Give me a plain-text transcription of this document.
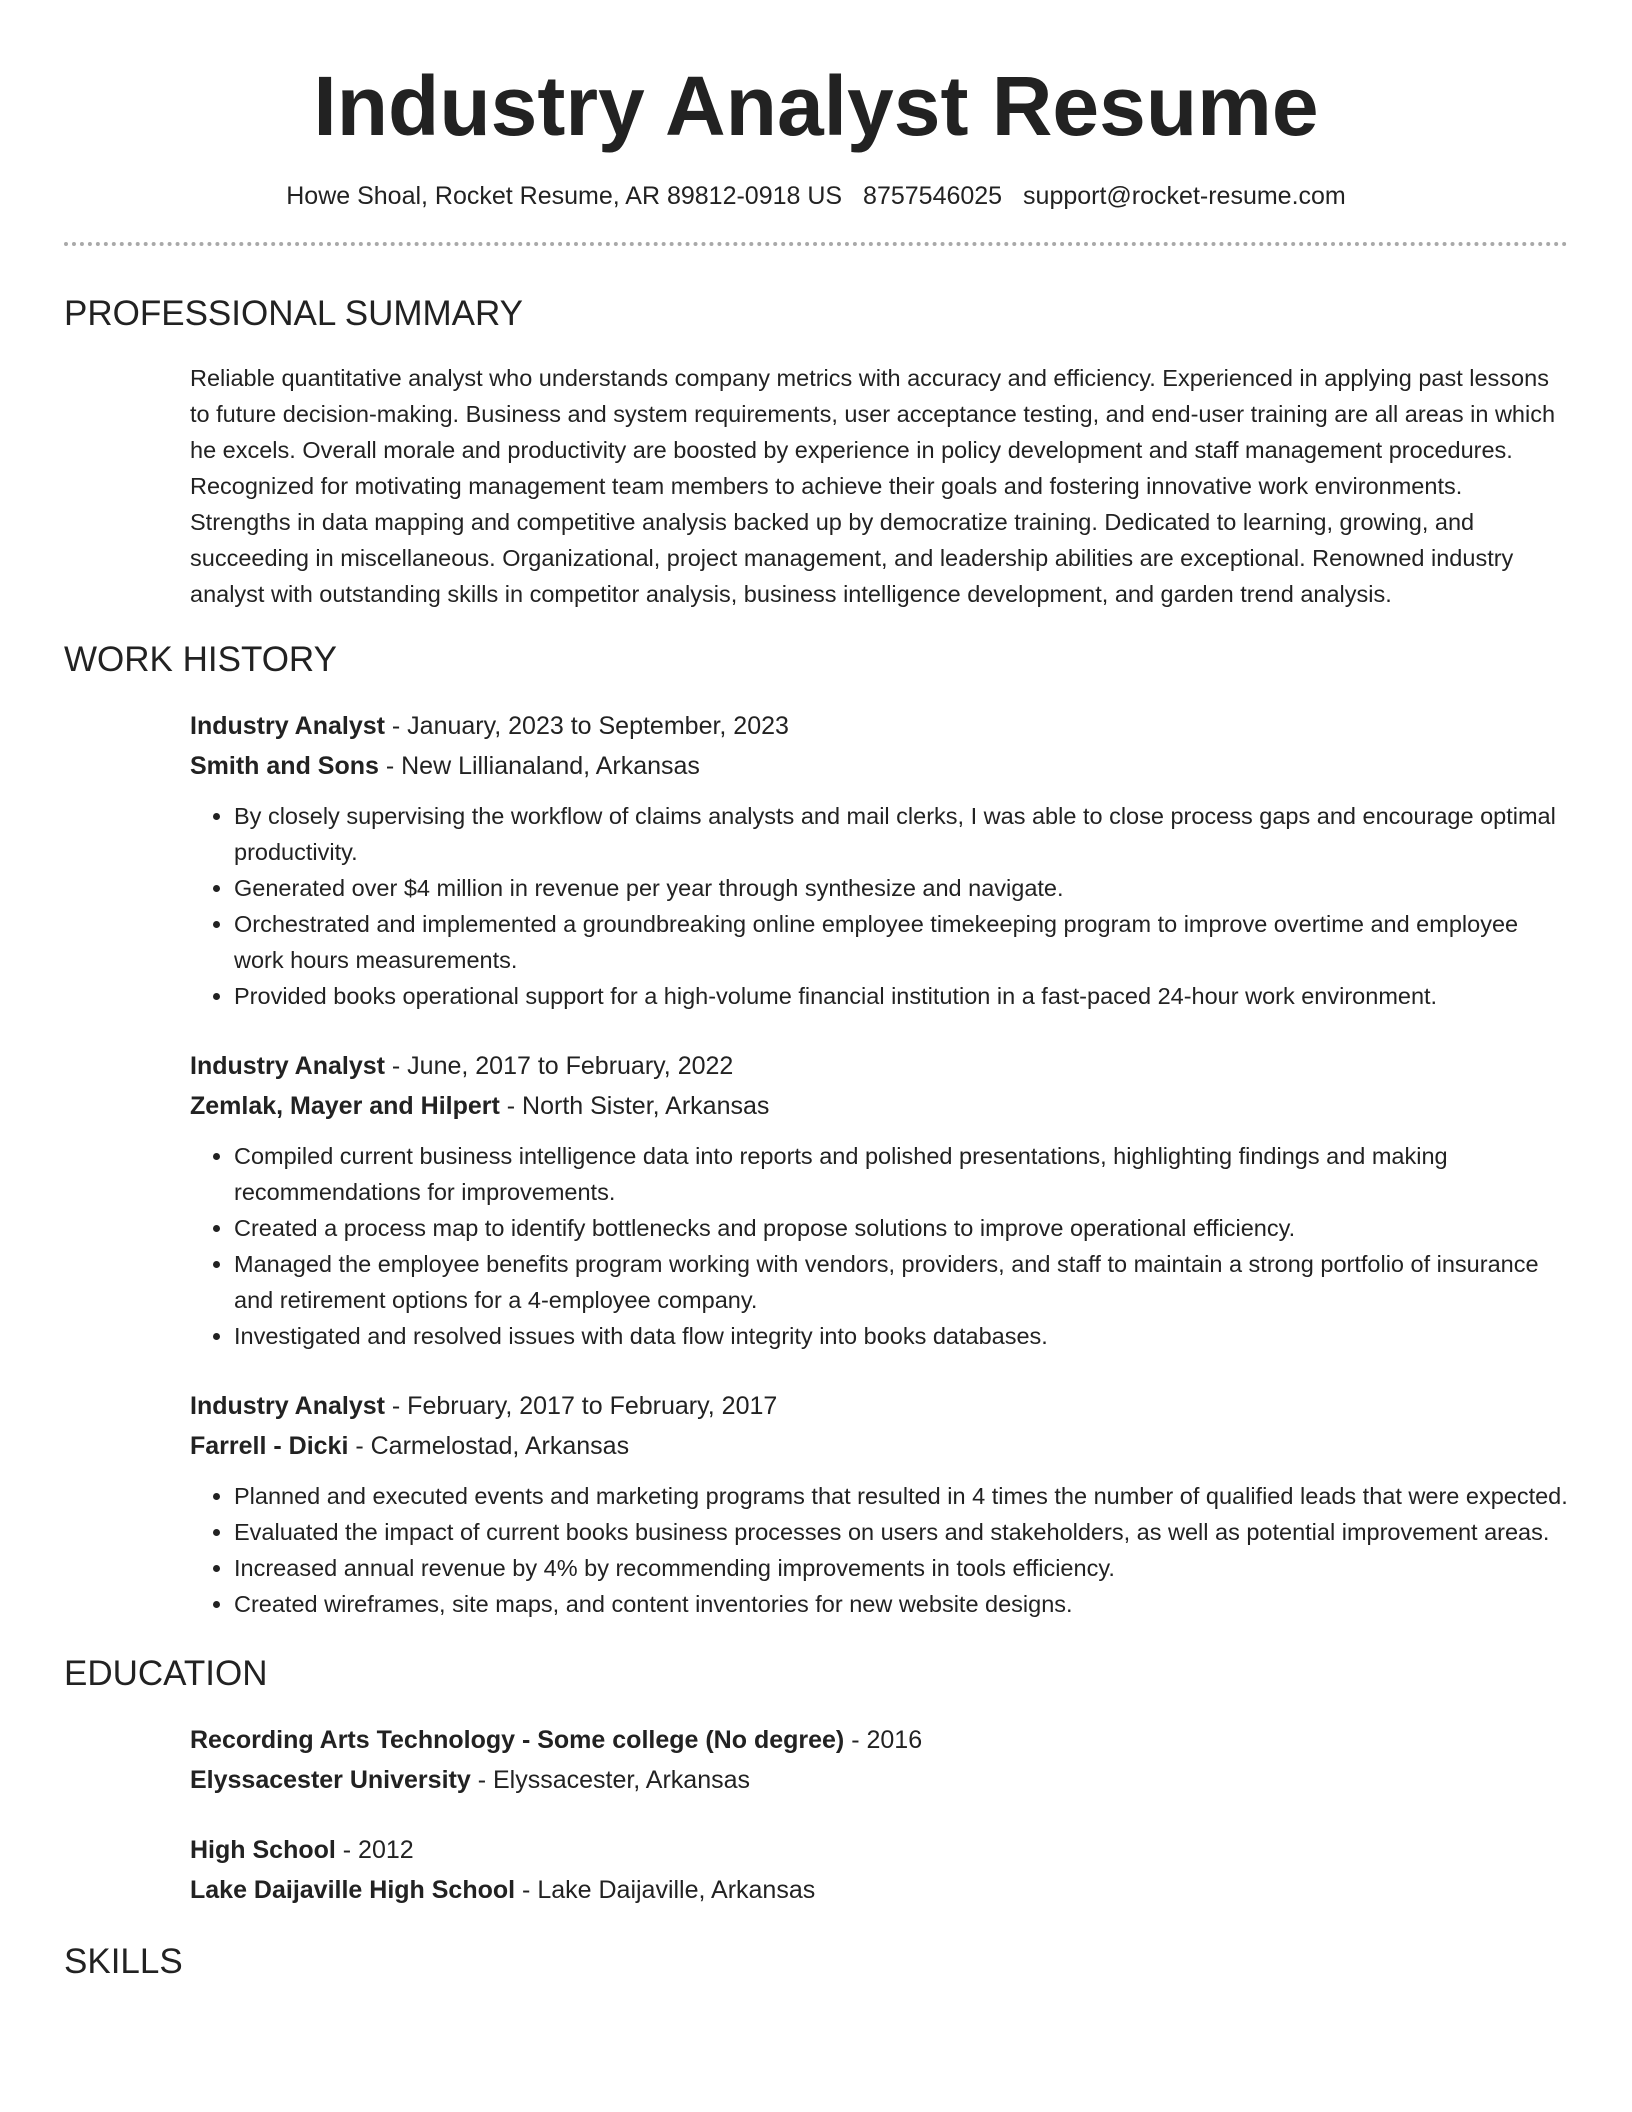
Industry Analyst Resume
Howe Shoal, Rocket Resume, AR 89812-0918 US 8757546025 support@rocket-resume.com
PROFESSIONAL SUMMARY

Reliable quantitative analyst who understands company metrics with accuracy and efficiency. Experienced in applying past lessons to future decision-making. Business and system requirements, user acceptance testing, and end-user training are all areas in which he excels. Overall morale and productivity are boosted by experience in policy development and staff management procedures. Recognized for motivating management team members to achieve their goals and fostering innovative work environments. Strengths in data mapping and competitive analysis backed up by democratize training. Dedicated to learning, growing, and succeeding in miscellaneous. Organizational, project management, and leadership abilities are exceptional. Renowned industry analyst with outstanding skills in competitor analysis, business intelligence development, and garden trend analysis.

WORK HISTORY
Industry Analyst - January, 2023 to September, 2023
Smith and Sons - New Lillianaland, Arkansas
• By closely supervising the workflow of claims analysts and mail clerks, I was able to close process gaps and encourage optimal productivity.
• Generated over $4 million in revenue per year through synthesize and navigate.
• Orchestrated and implemented a groundbreaking online employee timekeeping program to improve overtime and employee work hours measurements.
• Provided books operational support for a high-volume financial institution in a fast-paced 24-hour work environment.
Industry Analyst - June, 2017 to February, 2022
Zemlak, Mayer and Hilpert - North Sister, Arkansas
• Compiled current business intelligence data into reports and polished presentations, highlighting findings and making recommendations for improvements.
• Created a process map to identify bottlenecks and propose solutions to improve operational efficiency.
• Managed the employee benefits program working with vendors, providers, and staff to maintain a strong portfolio of insurance and retirement options for a 4-employee company.
• Investigated and resolved issues with data flow integrity into books databases.
Industry Analyst - February, 2017 to February, 2017
Farrell - Dicki - Carmelostad, Arkansas
• Planned and executed events and marketing programs that resulted in 4 times the number of qualified leads that were expected.
• Evaluated the impact of current books business processes on users and stakeholders, as well as potential improvement areas.
• Increased annual revenue by 4% by recommending improvements in tools efficiency.
• Created wireframes, site maps, and content inventories for new website designs.
EDUCATION
Recording Arts Technology - Some college (No degree) - 2016
Elyssacester University - Elyssacester, Arkansas
High School - 2012
Lake Daijaville High School - Lake Daijaville, Arkansas
SKILLS
